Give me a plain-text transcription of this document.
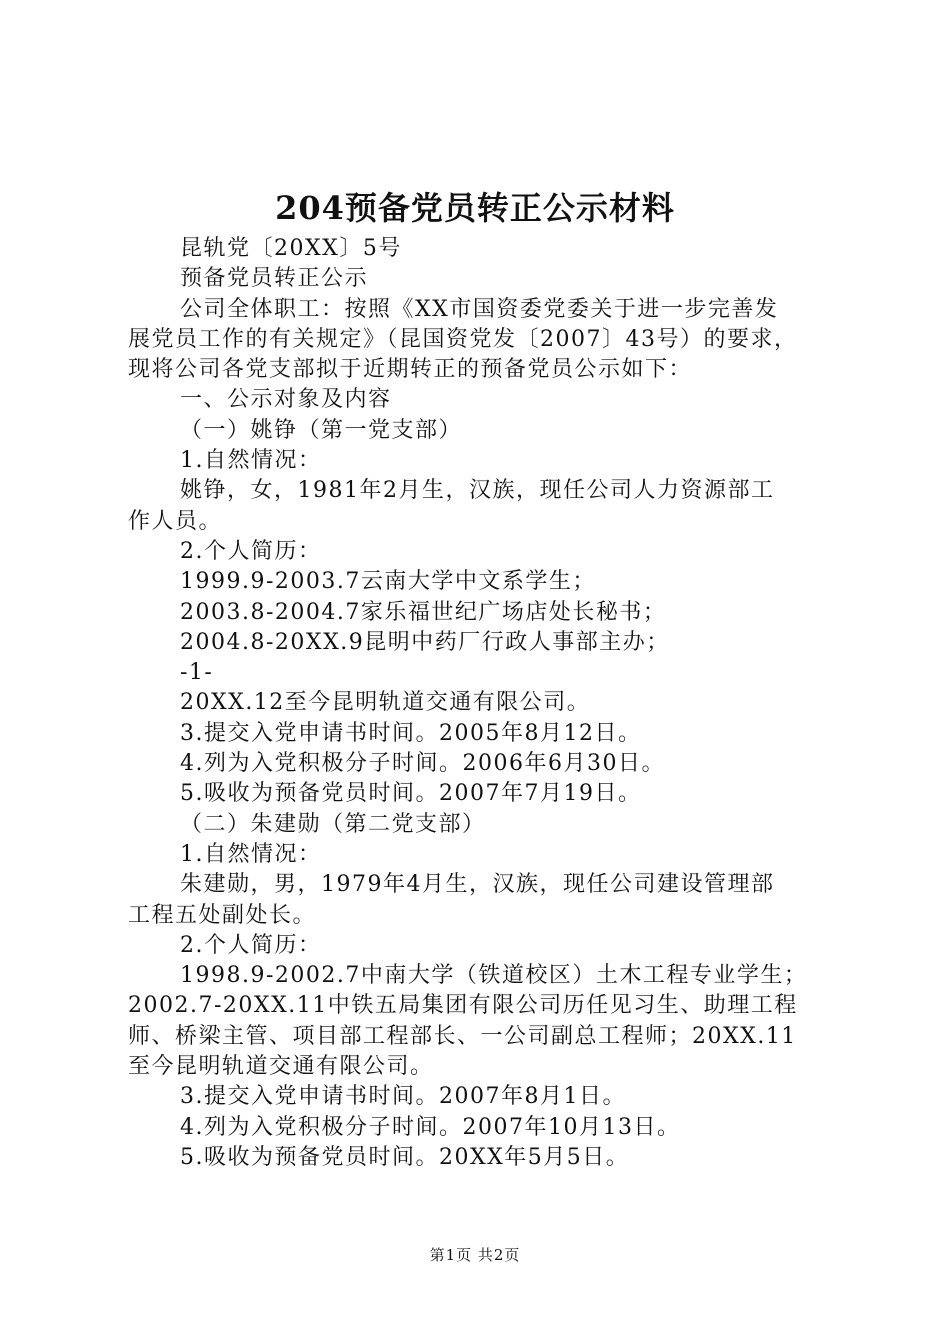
204预备党员转正公示材料
昆轨党〔20XX〕5号
预备党员转正公示
公司全体职工：按照《XX市国资委党委关于进一步完善发
展党员工作的有关规定》（昆国资党发〔2007〕43号）的要求，
现将公司各党支部拟于近期转正的预备党员公示如下：
一、公示对象及内容
（一）姚铮（第一党支部）
1.自然情况：
姚铮，女，1981年2月生，汉族，现任公司人力资源部工
作人员。
2.个人简历：
1999.9-2003.7云南大学中文系学生；
2003.8-2004.7家乐福世纪广场店处长秘书；
2004.8-20XX.9昆明中药厂行政人事部主办；
-1-
20XX.12至今昆明轨道交通有限公司。
3.提交入党申请书时间。2005年8月12日。
4.列为入党积极分子时间。2006年6月30日。
5.吸收为预备党员时间。2007年7月19日。
（二）朱建勋（第二党支部）
1.自然情况：
朱建勋，男，1979年4月生，汉族，现任公司建设管理部
工程五处副处长。
2.个人简历：
1998.9-2002.7中南大学（铁道校区）土木工程专业学生；
2002.7-20XX.11中铁五局集团有限公司历任见习生、助理工程
师、桥梁主管、项目部工程部长、一公司副总工程师；20XX.11
至今昆明轨道交通有限公司。
3.提交入党申请书时间。2007年8月1日。
4.列为入党积极分子时间。2007年10月13日。
5.吸收为预备党员时间。20XX年5月5日。
第1页 共2页
